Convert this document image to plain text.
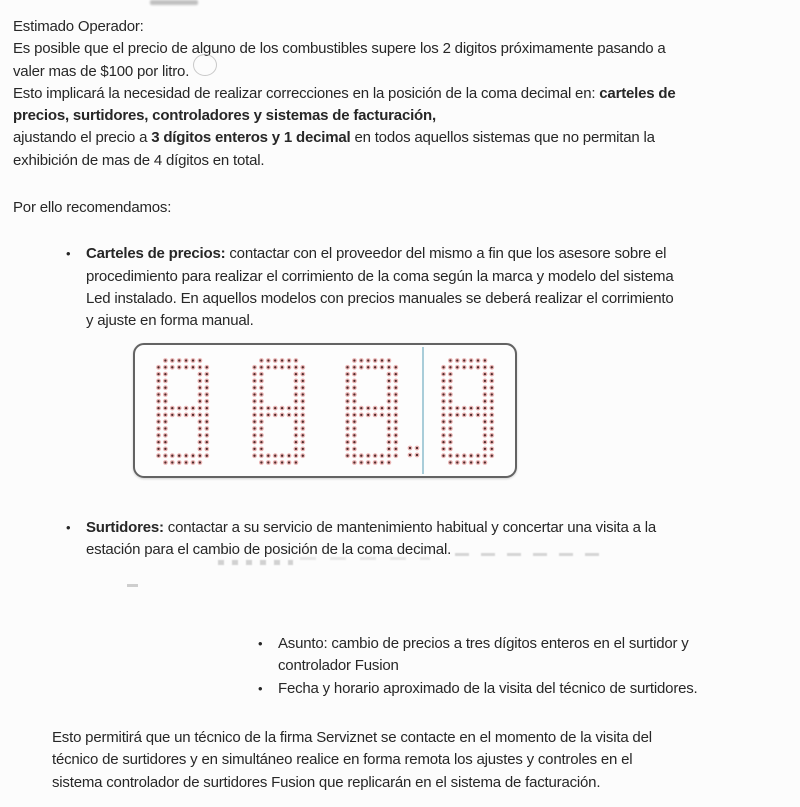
Estimado Operador:
Es posible que el precio de alguno de los combustibles supere los 2 digitos próximamente pasando a
valer mas de $100 por litro.
Esto implicará la necesidad de realizar correcciones en la posición de la coma decimal en: carteles de
precios, surtidores, controladores y sistemas de facturación,
ajustando el precio a 3 dígitos enteros y 1 decimal en todos aquellos sistemas que no permitan la
exhibición de mas de 4 dígitos en total.
Por ello recomendamos:
• Carteles de precios: contactar con el proveedor del mismo a fin que los asesore sobre el
procedimiento para realizar el corrimiento de la coma según la marca y modelo del sistema
Led instalado. En aquellos modelos con precios manuales se deberá realizar el corrimiento
y ajuste en forma manual.
• Surtidores: contactar a su servicio de mantenimiento habitual y concertar una visita a la
estación para el cambio de posición de la coma decimal.
• Asunto: cambio de precios a tres dígitos enteros en el surtidor y
controlador Fusion
• Fecha y horario aproximado de la visita del técnico de surtidores.
Esto permitirá que un técnico de la firma Serviznet se contacte en el momento de la visita del
técnico de surtidores y en simultáneo realice en forma remota los ajustes y controles en el
sistema controlador de surtidores Fusion que replicarán en el sistema de facturación.
